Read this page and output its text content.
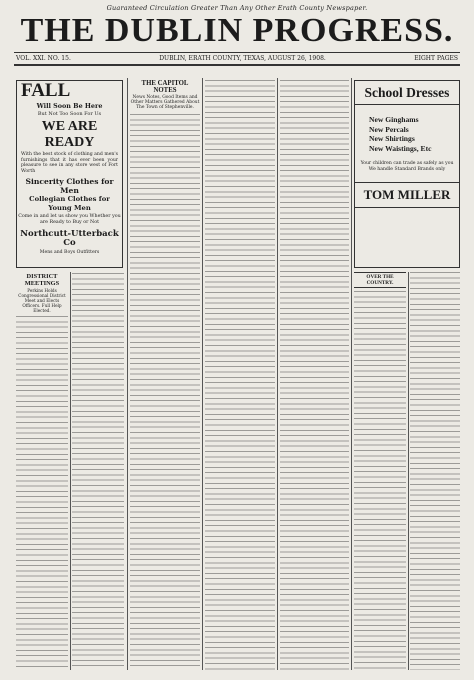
Guaranteed Circulation Greater Than Any Other Erath County Newspaper.
THE DUBLIN PROGRESS.
VOL. XXI. NO. 15.	DUBLIN, ERATH COUNTY, TEXAS, AUGUST 26, 1908.	EIGHT PAGES
FALL
Will Soon Be Here
But Not Too Soon For Us
WE ARE READY
With the best stock of clothing and men's furnishings that it has ever been your pleasure to see in any store west of Fort Worth
Sincerity Clothes for Men
Collegian Clothes for Young Men
Come in and let us show you Whether you are Ready to Buy or Not
Northcutt-Utterback Co
Mens and Boys Outfitters
THE CAPITOL NOTES
News Notes, Good Items and Other Matters Gathered About The Town of Stephenville.
School Dresses
New Ginghams
New Percals
New Shirtings
New Waistings, Etc
Your children can trade as safely as you We handle Standard Brands only
TOM MILLER
OVER THE COUNTRY.
DISTRICT MEETINGS
Perkins Holds Congressional District Meet and Elects Officers. Full Help Elected.
